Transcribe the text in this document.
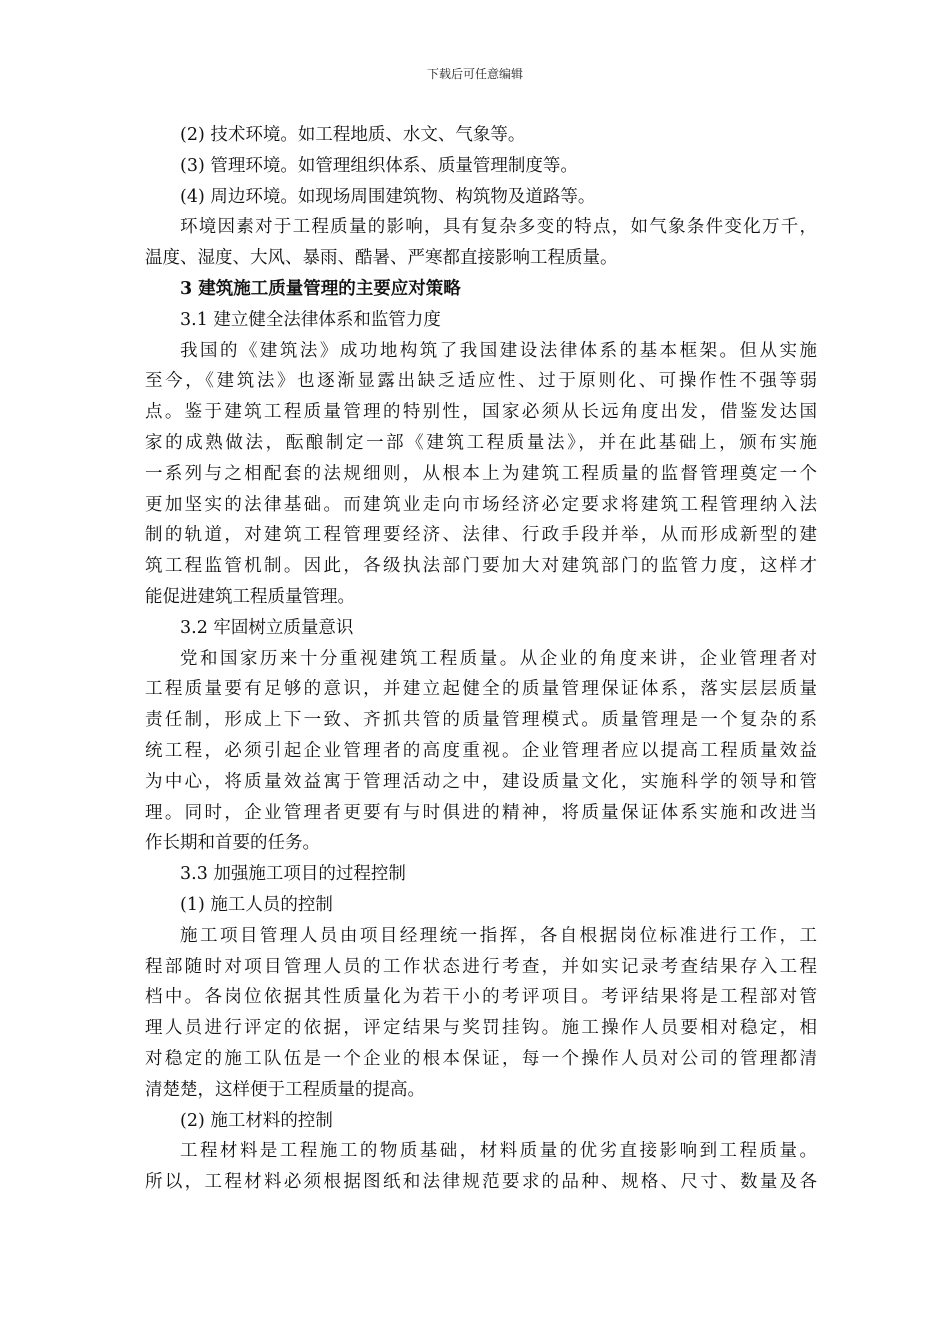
下载后可任意编辑
(2) 技术环境。如工程地质、水文、气象等。
(3) 管理环境。如管理组织体系、质量管理制度等。
(4) 周边环境。如现场周围建筑物、构筑物及道路等。
环境因素对于工程质量的影响，具有复杂多变的特点，如气象条件变化万千，
温度、湿度、大风、暴雨、酷暑、严寒都直接影响工程质量。
3 建筑施工质量管理的主要应对策略
3.1 建立健全法律体系和监管力度
我国的《建筑法》成功地构筑了我国建设法律体系的基本框架。但从实施
至今，《建筑法》也逐渐显露出缺乏适应性、过于原则化、可操作性不强等弱
点。鉴于建筑工程质量管理的特别性，国家必须从长远角度出发，借鉴发达国
家的成熟做法，酝酿制定一部《建筑工程质量法》，并在此基础上，颁布实施
一系列与之相配套的法规细则，从根本上为建筑工程质量的监督管理奠定一个
更加坚实的法律基础。而建筑业走向市场经济必定要求将建筑工程管理纳入法
制的轨道，对建筑工程管理要经济、法律、行政手段并举，从而形成新型的建
筑工程监管机制。因此，各级执法部门要加大对建筑部门的监管力度，这样才
能促进建筑工程质量管理。
3.2 牢固树立质量意识
党和国家历来十分重视建筑工程质量。从企业的角度来讲，企业管理者对
工程质量要有足够的意识，并建立起健全的质量管理保证体系，落实层层质量
责任制，形成上下一致、齐抓共管的质量管理模式。质量管理是一个复杂的系
统工程，必须引起企业管理者的高度重视。企业管理者应以提高工程质量效益
为中心，将质量效益寓于管理活动之中，建设质量文化，实施科学的领导和管
理。同时，企业管理者更要有与时俱进的精神，将质量保证体系实施和改进当
作长期和首要的任务。
3.3 加强施工项目的过程控制
(1) 施工人员的控制
施工项目管理人员由项目经理统一指挥，各自根据岗位标准进行工作，工
程部随时对项目管理人员的工作状态进行考查，并如实记录考查结果存入工程
档中。各岗位依据其性质量化为若干小的考评项目。考评结果将是工程部对管
理人员进行评定的依据，评定结果与奖罚挂钩。施工操作人员要相对稳定，相
对稳定的施工队伍是一个企业的根本保证，每一个操作人员对公司的管理都清
清楚楚，这样便于工程质量的提高。
(2) 施工材料的控制
工程材料是工程施工的物质基础，材料质量的优劣直接影响到工程质量。
所以，工程材料必须根据图纸和法律规范要求的品种、规格、尺寸、数量及各
